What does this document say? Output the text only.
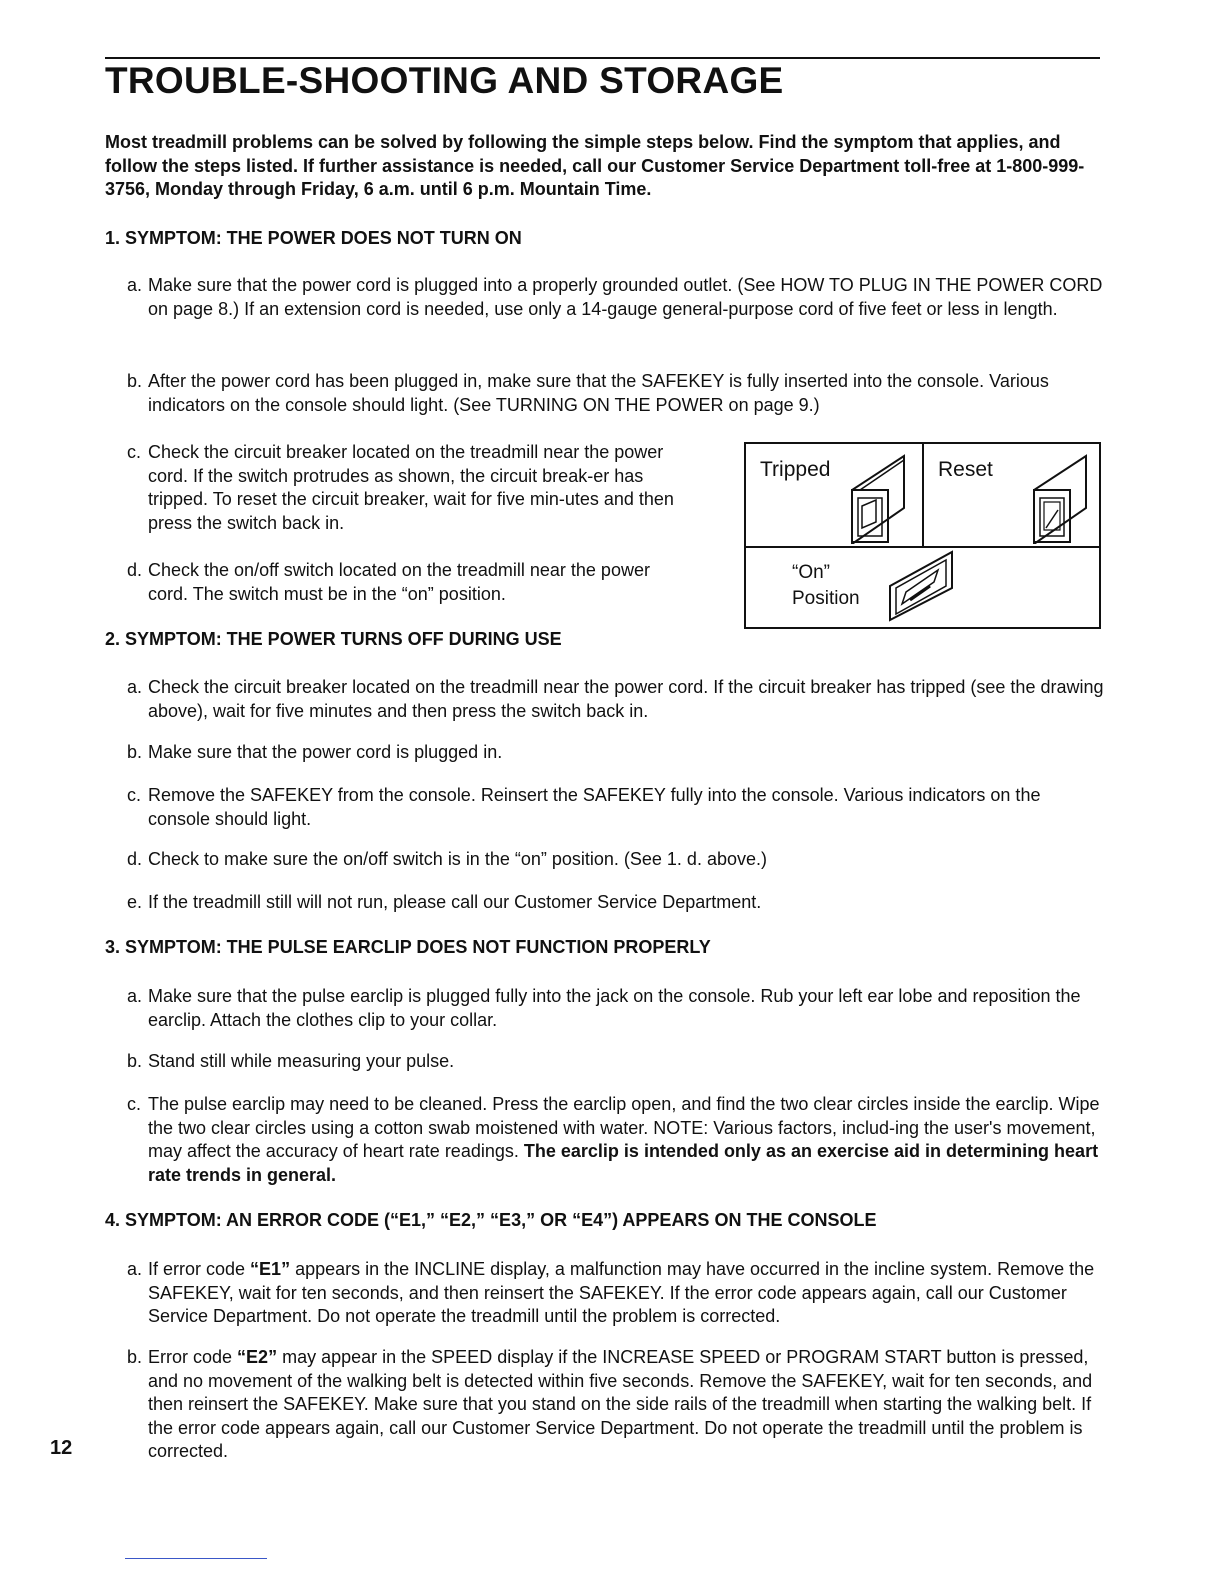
TROUBLE-SHOOTING AND STORAGE

Most treadmill problems can be solved by following the simple steps below. Find the symptom that applies, and follow the steps listed. If further assistance is needed, call our Customer Service Department toll-free at 1-800-999-3756, Monday through Friday, 6 a.m. until 6 p.m. Mountain Time.

1. SYMPTOM: THE POWER DOES NOT TURN ON

a. Make sure that the power cord is plugged into a properly grounded outlet. (See HOW TO PLUG IN THE POWER CORD on page 8.) If an extension cord is needed, use only a 14-gauge general-purpose cord of five feet or less in length.
b. After the power cord has been plugged in, make sure that the SAFEKEY is fully inserted into the console. Various indicators on the console should light. (See TURNING ON THE POWER on page 9.)
c. Check the circuit breaker located on the treadmill near the power cord. If the switch protrudes as shown, the circuit break-er has tripped. To reset the circuit breaker, wait for five min-utes and then press the switch back in.
d. Check the on/off switch located on the treadmill near the power cord. The switch must be in the “on” position.
Tripped	Reset
“On”
Position

2. SYMPTOM: THE POWER TURNS OFF DURING USE

a. Check the circuit breaker located on the treadmill near the power cord. If the circuit breaker has tripped (see the drawing above), wait for five minutes and then press the switch back in.
b. Make sure that the power cord is plugged in.
c. Remove the SAFEKEY from the console. Reinsert the SAFEKEY fully into the console. Various indicators on the console should light.
d. Check to make sure the on/off switch is in the “on” position. (See 1. d. above.)
e. If the treadmill still will not run, please call our Customer Service Department.

3. SYMPTOM: THE PULSE EARCLIP DOES NOT FUNCTION PROPERLY

a. Make sure that the pulse earclip is plugged fully into the jack on the console. Rub your left ear lobe and reposition the earclip. Attach the clothes clip to your collar.
b. Stand still while measuring your pulse.
c. The pulse earclip may need to be cleaned. Press the earclip open, and find the two clear circles inside the earclip. Wipe the two clear circles using a cotton swab moistened with water. NOTE: Various factors, includ-ing the user's movement, may affect the accuracy of heart rate readings. The earclip is intended only as an exercise aid in determining heart rate trends in general.

4. SYMPTOM: AN ERROR CODE (“E1,” “E2,” “E3,” OR “E4”) APPEARS ON THE CONSOLE

a. If error code “E1” appears in the INCLINE display, a malfunction may have occurred in the incline system. Remove the SAFEKEY, wait for ten seconds, and then reinsert the SAFEKEY. If the error code appears again, call our Customer Service Department. Do not operate the treadmill until the problem is corrected.
b. Error code “E2” may appear in the SPEED display if the INCREASE SPEED or PROGRAM START button is pressed, and no movement of the walking belt is detected within five seconds. Remove the SAFEKEY, wait for ten seconds, and then reinsert the SAFEKEY. Make sure that you stand on the side rails of the treadmill when starting the walking belt. If the error code appears again, call our Customer Service Department. Do not operate the treadmill until the problem is corrected.

12
